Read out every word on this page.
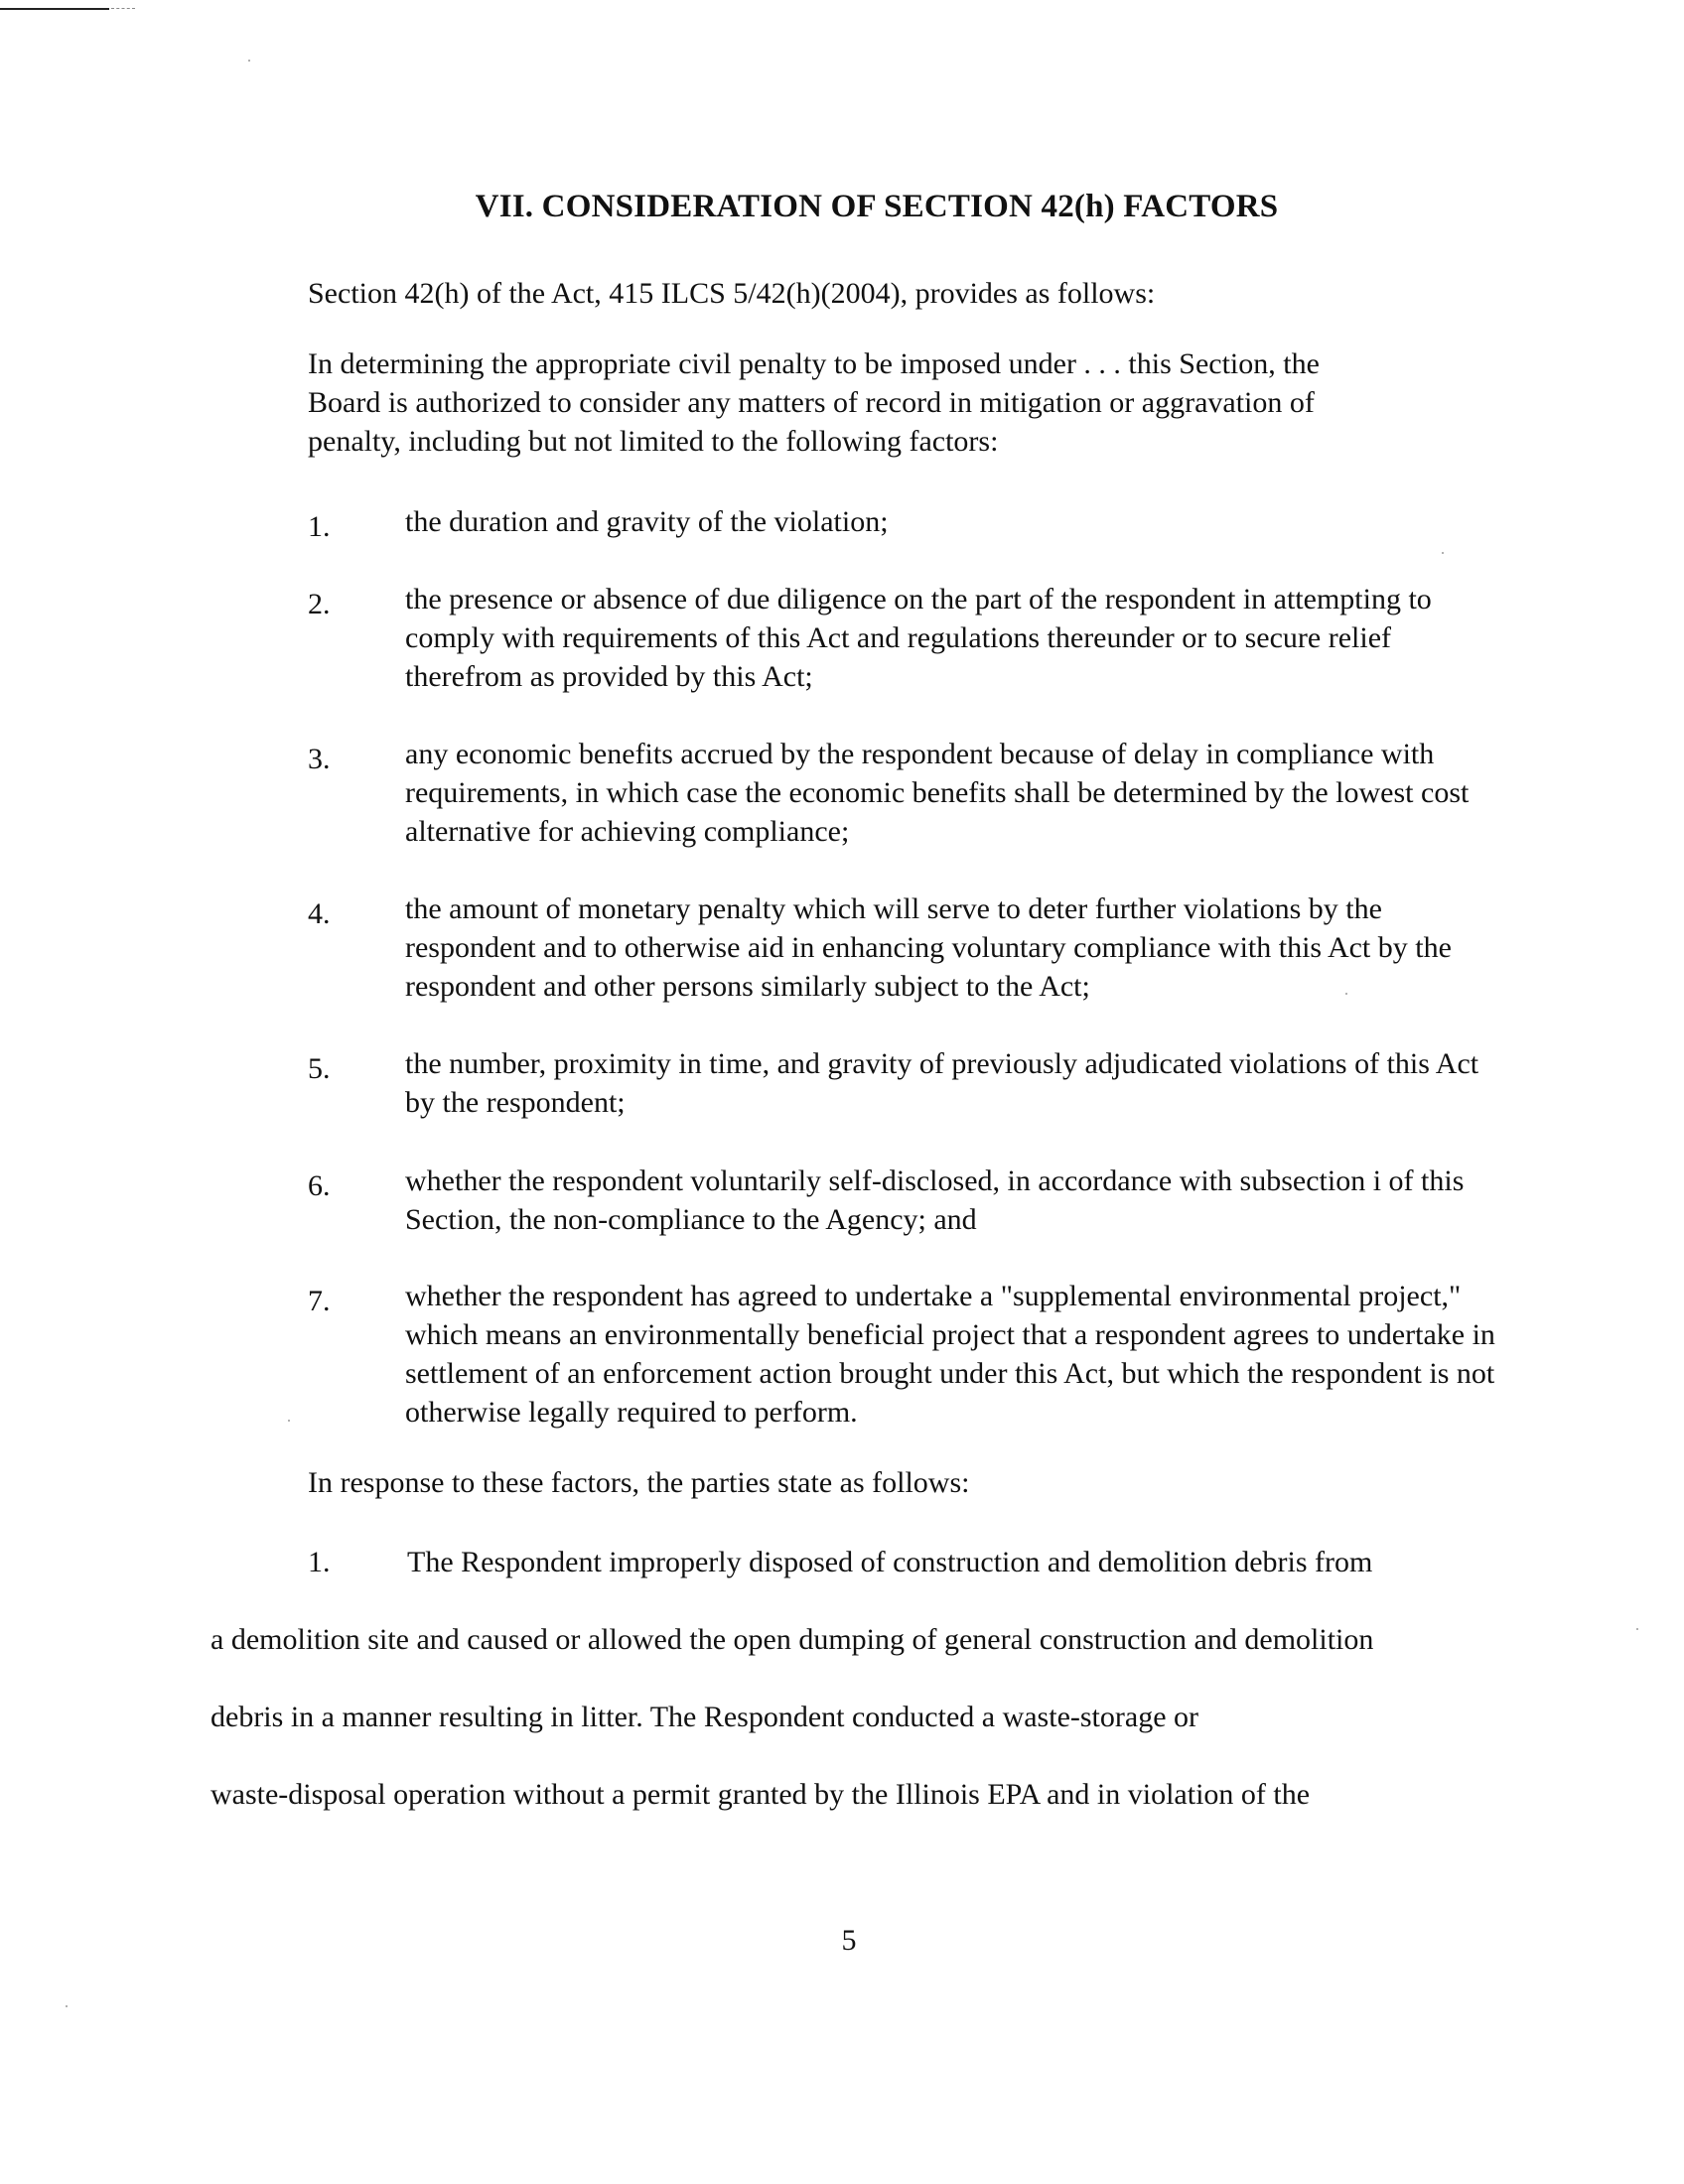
VII. CONSIDERATION OF SECTION 42(h) FACTORS
Section 42(h) of the Act, 415 ILCS 5/42(h)(2004), provides as follows:
In determining the appropriate civil penalty to be imposed under . . . this Section, the Board is authorized to consider any matters of record in mitigation or aggravation of penalty, including but not limited to the following factors:
1.	the duration and gravity of the violation;
2.	the presence or absence of due diligence on the part of the respondent in attempting to comply with requirements of this Act and regulations thereunder or to secure relief therefrom as provided by this Act;
3.	any economic benefits accrued by the respondent because of delay in compliance with requirements, in which case the economic benefits shall be determined by the lowest cost alternative for achieving compliance;
4.	the amount of monetary penalty which will serve to deter further violations by the respondent and to otherwise aid in enhancing voluntary compliance with this Act by the respondent and other persons similarly subject to the Act;
5.	the number, proximity in time, and gravity of previously adjudicated violations of this Act by the respondent;
6.	whether the respondent voluntarily self-disclosed, in accordance with subsection i of this Section, the non-compliance to the Agency; and
7.	whether the respondent has agreed to undertake a "supplemental environmental project," which means an environmentally beneficial project that a respondent agrees to undertake in settlement of an enforcement action brought under this Act, but which the respondent is not otherwise legally required to perform.
In response to these factors, the parties state as follows:
1.	The Respondent improperly disposed of construction and demolition debris from
a demolition site and caused or allowed the open dumping of general construction and demolition
debris in a manner resulting in litter. The Respondent conducted a waste-storage or
waste-disposal operation without a permit granted by the Illinois EPA and in violation of the
5
